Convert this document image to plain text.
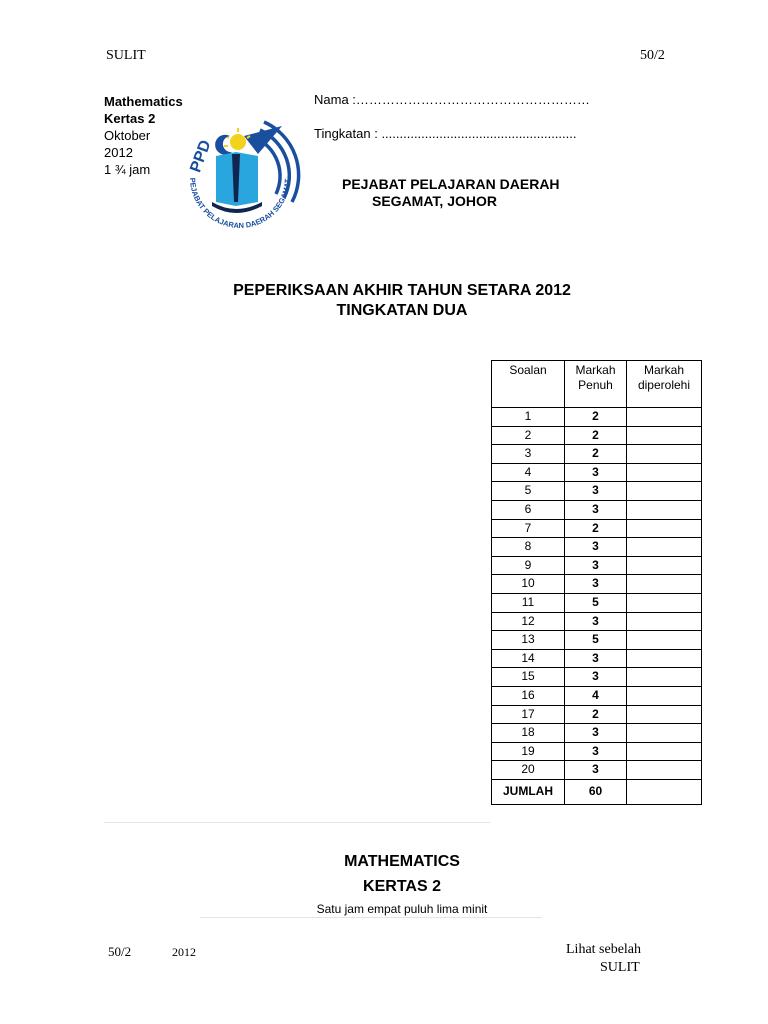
SULIT	50/2
Mathematics
Kertas 2
Oktober
2012
1 ¾ jam
Nama :………………………………………………
Tingkatan : ......................................................
PPD
PEJABAT PELAJARAN DAERAH SEGAMAT	PEJABAT PELAJARAN DAERAH
SEGAMAT, JOHOR
PEPERIKSAAN AKHIR TAHUN SETARA 2012
TINGKATAN DUA
Soalan	Markah Penuh	Markah diperolehi
1	2	
2	2	
3	2	
4	3	
5	3	
6	3	
7	2	
8	3	
9	3	
10	3	
11	5	
12	3	
13	5	
14	3	
15	3	
16	4	
17	2	
18	3	
19	3	
20	3	
JUMLAH	60	
MATHEMATICS
KERTAS 2
Satu jam empat puluh lima minit
50/2	2012	Lihat sebelah
SULIT
